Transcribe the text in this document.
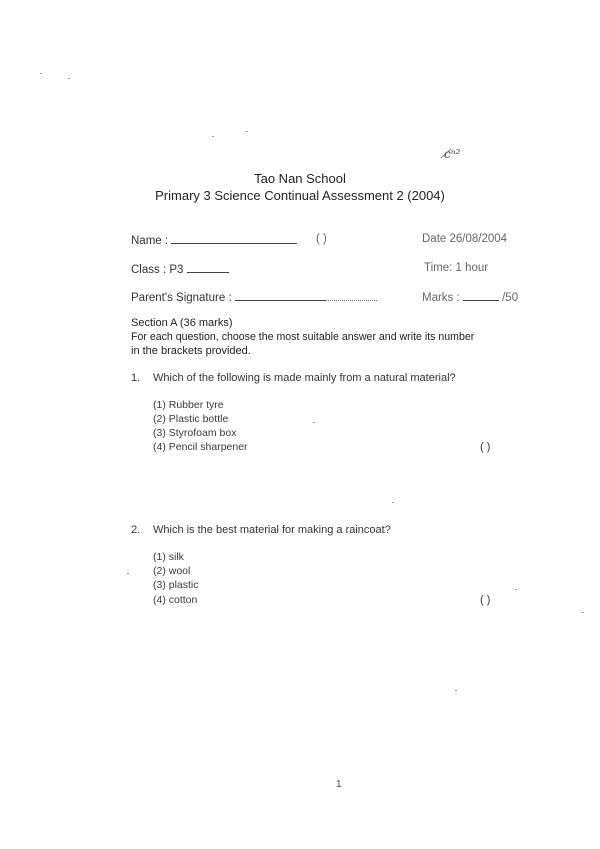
c̸ⁿ²
Tao Nan School
Primary 3 Science Continual Assessment 2 (2004)
Name :	( )	Date 26/08/2004
Class : P3	Time: 1 hour
Parent's Signature :	Marks :	/50
Section A (36 marks)
For each question, choose the most suitable answer and write its number
in the brackets provided.
1. Which of the following is made mainly from a natural material?
(1) Rubber tyre
(2) Plastic bottle
(3) Styrofoam box
(4) Pencil sharpener	( )
2. Which is the best material for making a raincoat?
(1) silk
(2) wool
(3) plastic
(4) cotton	( )
1
